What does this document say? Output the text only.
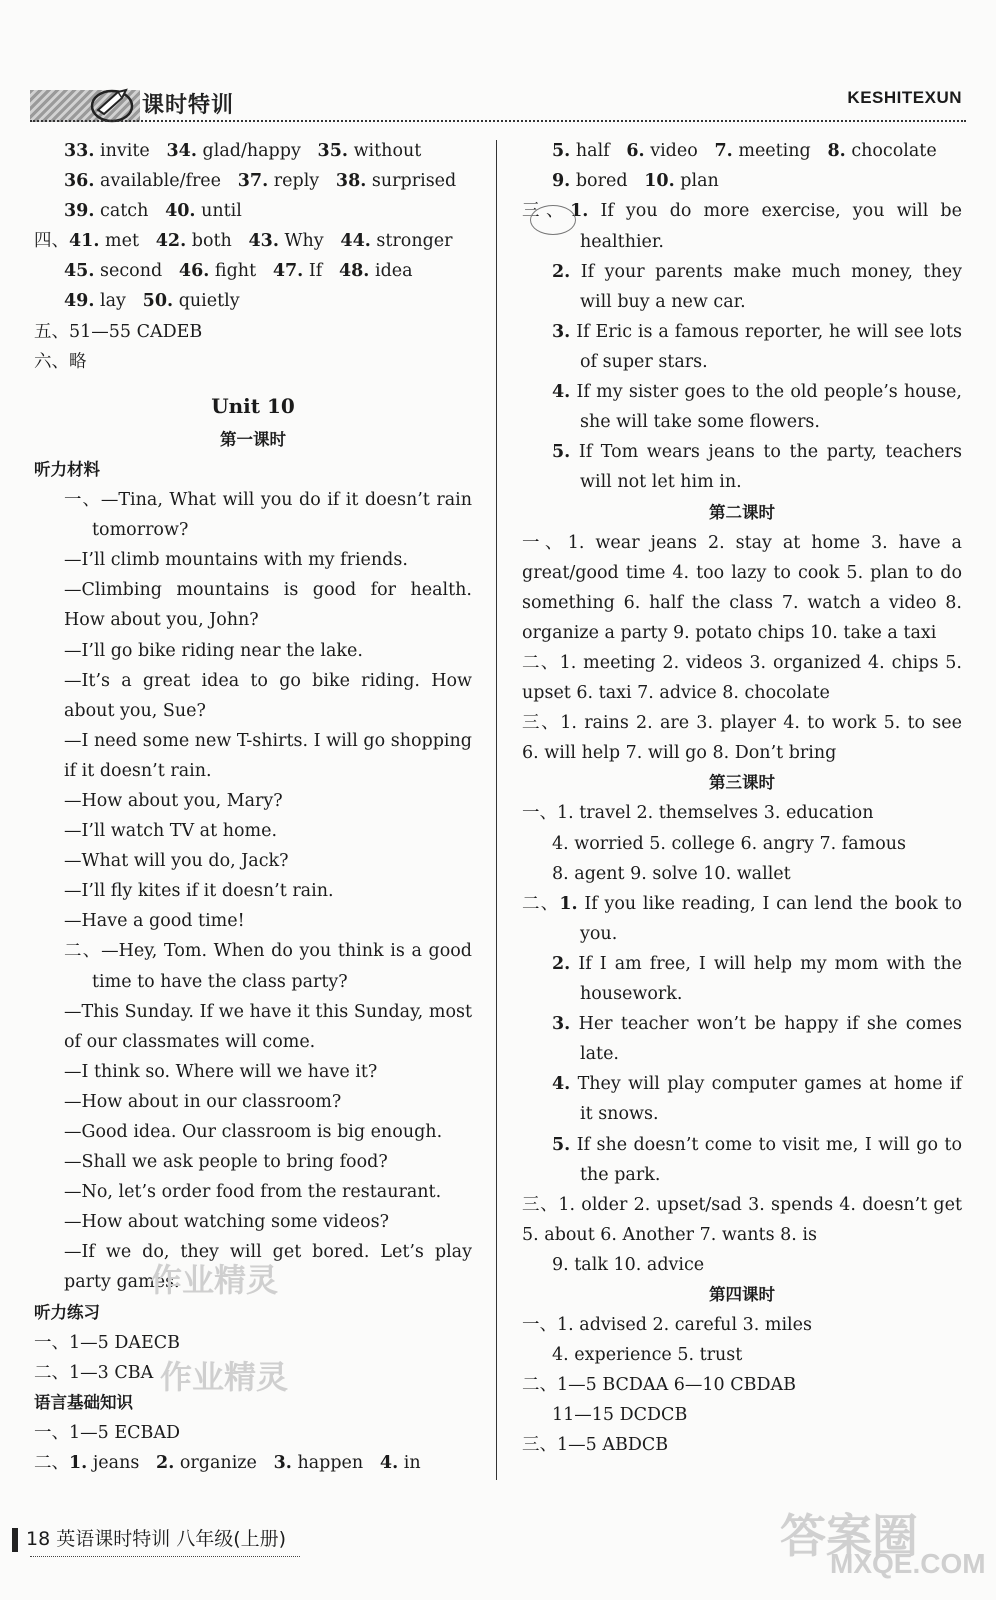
课时特训	KESHITEXUN
33. invite 34. glad/happy 35. without
36. available/free 37. reply 38. surprised
39. catch 40. until
四、41. met 42. both 43. Why 44. stronger
45. second 46. fight 47. If 48. idea
49. lay 50. quietly
五、51—55 CADEB
六、略
Unit 10
第一课时
听力材料
一、—Tina, What will you do if it doesn’t rain tomorrow?
—I’ll climb mountains with my friends.
—Climbing mountains is good for health. How about you, John?
—I’ll go bike riding near the lake.
—It’s a great idea to go bike riding. How about you, Sue?
—I need some new T-shirts. I will go shopping if it doesn’t rain.
—How about you, Mary?
—I’ll watch TV at home.
—What will you do, Jack?
—I’ll fly kites if it doesn’t rain.
—Have a good time!
二、—Hey, Tom. When do you think is a good time to have the class party?
—This Sunday. If we have it this Sunday, most of our classmates will come.
—I think so. Where will we have it?
—How about in our classroom?
—Good idea. Our classroom is big enough.
—Shall we ask people to bring food?
—No, let’s order food from the restaurant.
—How about watching some videos?
—If we do, they will get bored. Let’s play party games.
听力练习
一、1—5 DAECB
二、1—3 CBA
语言基础知识
一、1—5 ECBAD
二、1. jeans 2. organize 3. happen 4. in
5. half 6. video 7. meeting 8. chocolate
9. bored 10. plan
三、1. If you do more exercise, you will be healthier.
2. If your parents make much money, they will buy a new car.
3. If Eric is a famous reporter, he will see lots of super stars.
4. If my sister goes to the old people’s house, she will take some flowers.
5. If Tom wears jeans to the party, teachers will not let him in.
第二课时
一、1. wear jeans 2. stay at home 3. have a great/good time 4. too lazy to cook 5. plan to do something 6. half the class 7. watch a video 8. organize a party 9. potato chips 10. take a taxi
二、1. meeting 2. videos 3. organized 4. chips 5. upset 6. taxi 7. advice 8. chocolate
三、1. rains 2. are 3. player 4. to work 5. to see 6. will help 7. will go 8. Don’t bring
第三课时
一、1. travel 2. themselves 3. education
4. worried 5. college 6. angry 7. famous
8. agent 9. solve 10. wallet
二、1. If you like reading, I can lend the book to you.
2. If I am free, I will help my mom with the housework.
3. Her teacher won’t be happy if she comes late.
4. They will play computer games at home if it snows.
5. If she doesn’t come to visit me, I will go to the park.
三、1. older 2. upset/sad 3. spends 4. doesn’t get 5. about 6. Another 7. wants 8. is
9. talk 10. advice
第四课时
一、1. advised 2. careful 3. miles
4. experience 5. trust
二、1—5 BCDAA 6—10 CBDAB
11—15 DCDCB
三、1—5 ABDCB
作业精灵
作业精灵
答案圈
MXQE.COM
18 英语课时特训 八年级(上册)
